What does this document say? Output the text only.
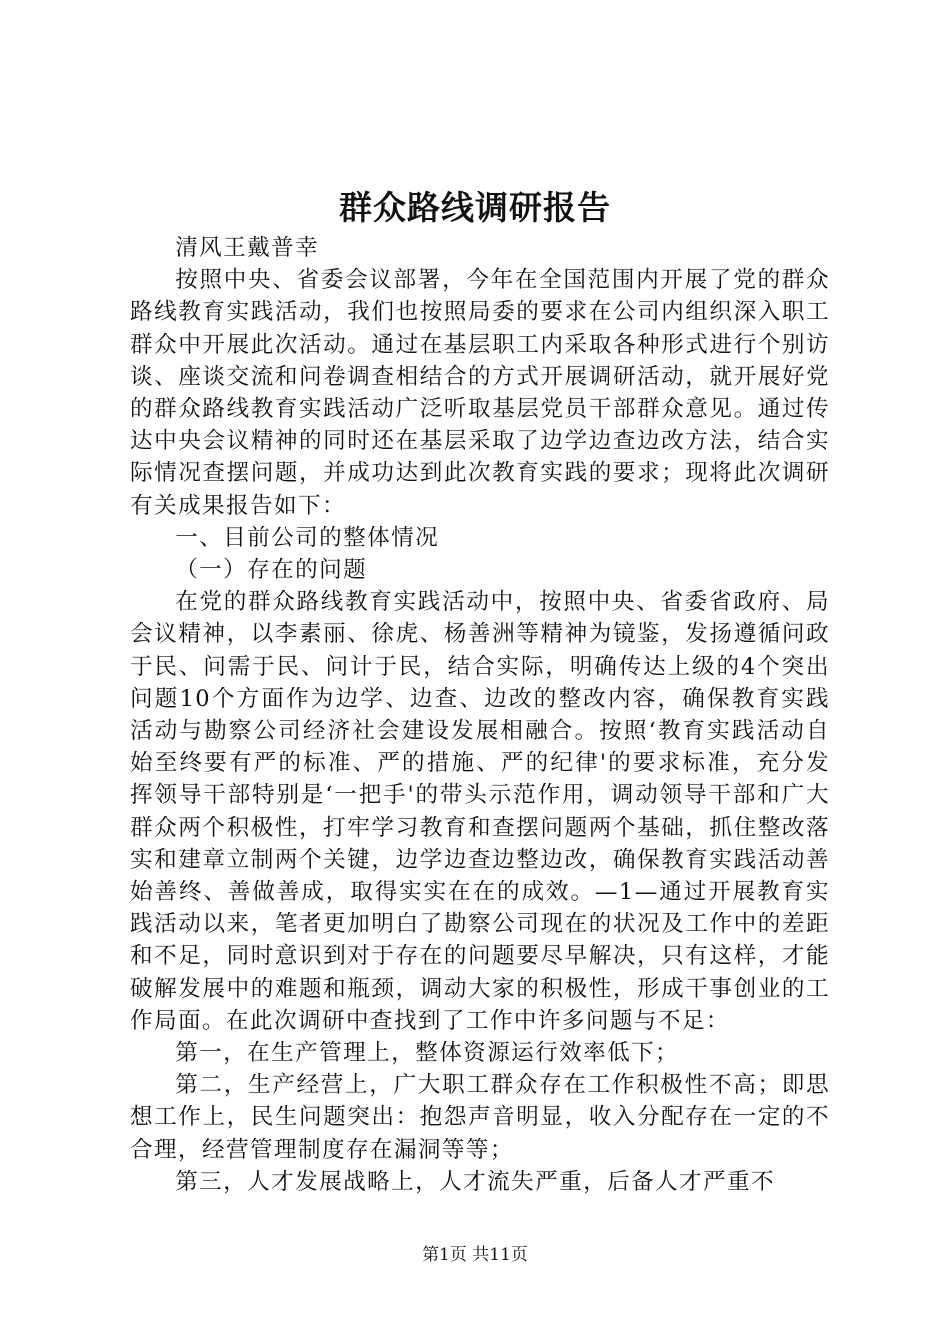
群众路线调研报告

清风王戴普幸

按照中央、省委会议部署，今年在全国范围内开展了党的群众路线教育实践活动，我们也按照局委的要求在公司内组织深入职工群众中开展此次活动。通过在基层职工内采取各种形式进行个别访谈、座谈交流和问卷调查相结合的方式开展调研活动，就开展好党的群众路线教育实践活动广泛听取基层党员干部群众意见。通过传达中央会议精神的同时还在基层采取了边学边查边改方法，结合实际情况查摆问题，并成功达到此次教育实践的要求；现将此次调研有关成果报告如下：

一、目前公司的整体情况

（一）存在的问题

在党的群众路线教育实践活动中，按照中央、省委省政府、局会议精神，以李素丽、徐虎、杨善洲等精神为镜鉴，发扬遵循问政于民、问需于民、问计于民，结合实际，明确传达上级的4个突出问题10个方面作为边学、边查、边改的整改内容，确保教育实践活动与勘察公司经济社会建设发展相融合。按照‘教育实践活动自始至终要有严的标准、严的措施、严的纪律'的要求标准，充分发挥领导干部特别是‘一把手'的带头示范作用，调动领导干部和广大群众两个积极性，打牢学习教育和查摆问题两个基础，抓住整改落实和建章立制两个关键，边学边查边整边改，确保教育实践活动善始善终、善做善成，取得实实在在的成效。—1—通过开展教育实践活动以来，笔者更加明白了勘察公司现在的状况及工作中的差距和不足，同时意识到对于存在的问题要尽早解决，只有这样，才能破解发展中的难题和瓶颈，调动大家的积极性，形成干事创业的工作局面。在此次调研中查找到了工作中许多问题与不足：

第一，在生产管理上，整体资源运行效率低下；

第二，生产经营上，广大职工群众存在工作积极性不高；即思想工作上，民生问题突出：抱怨声音明显，收入分配存在一定的不合理，经营管理制度存在漏洞等等；

第三，人才发展战略上，人才流失严重，后备人才严重不

第1页 共11页
